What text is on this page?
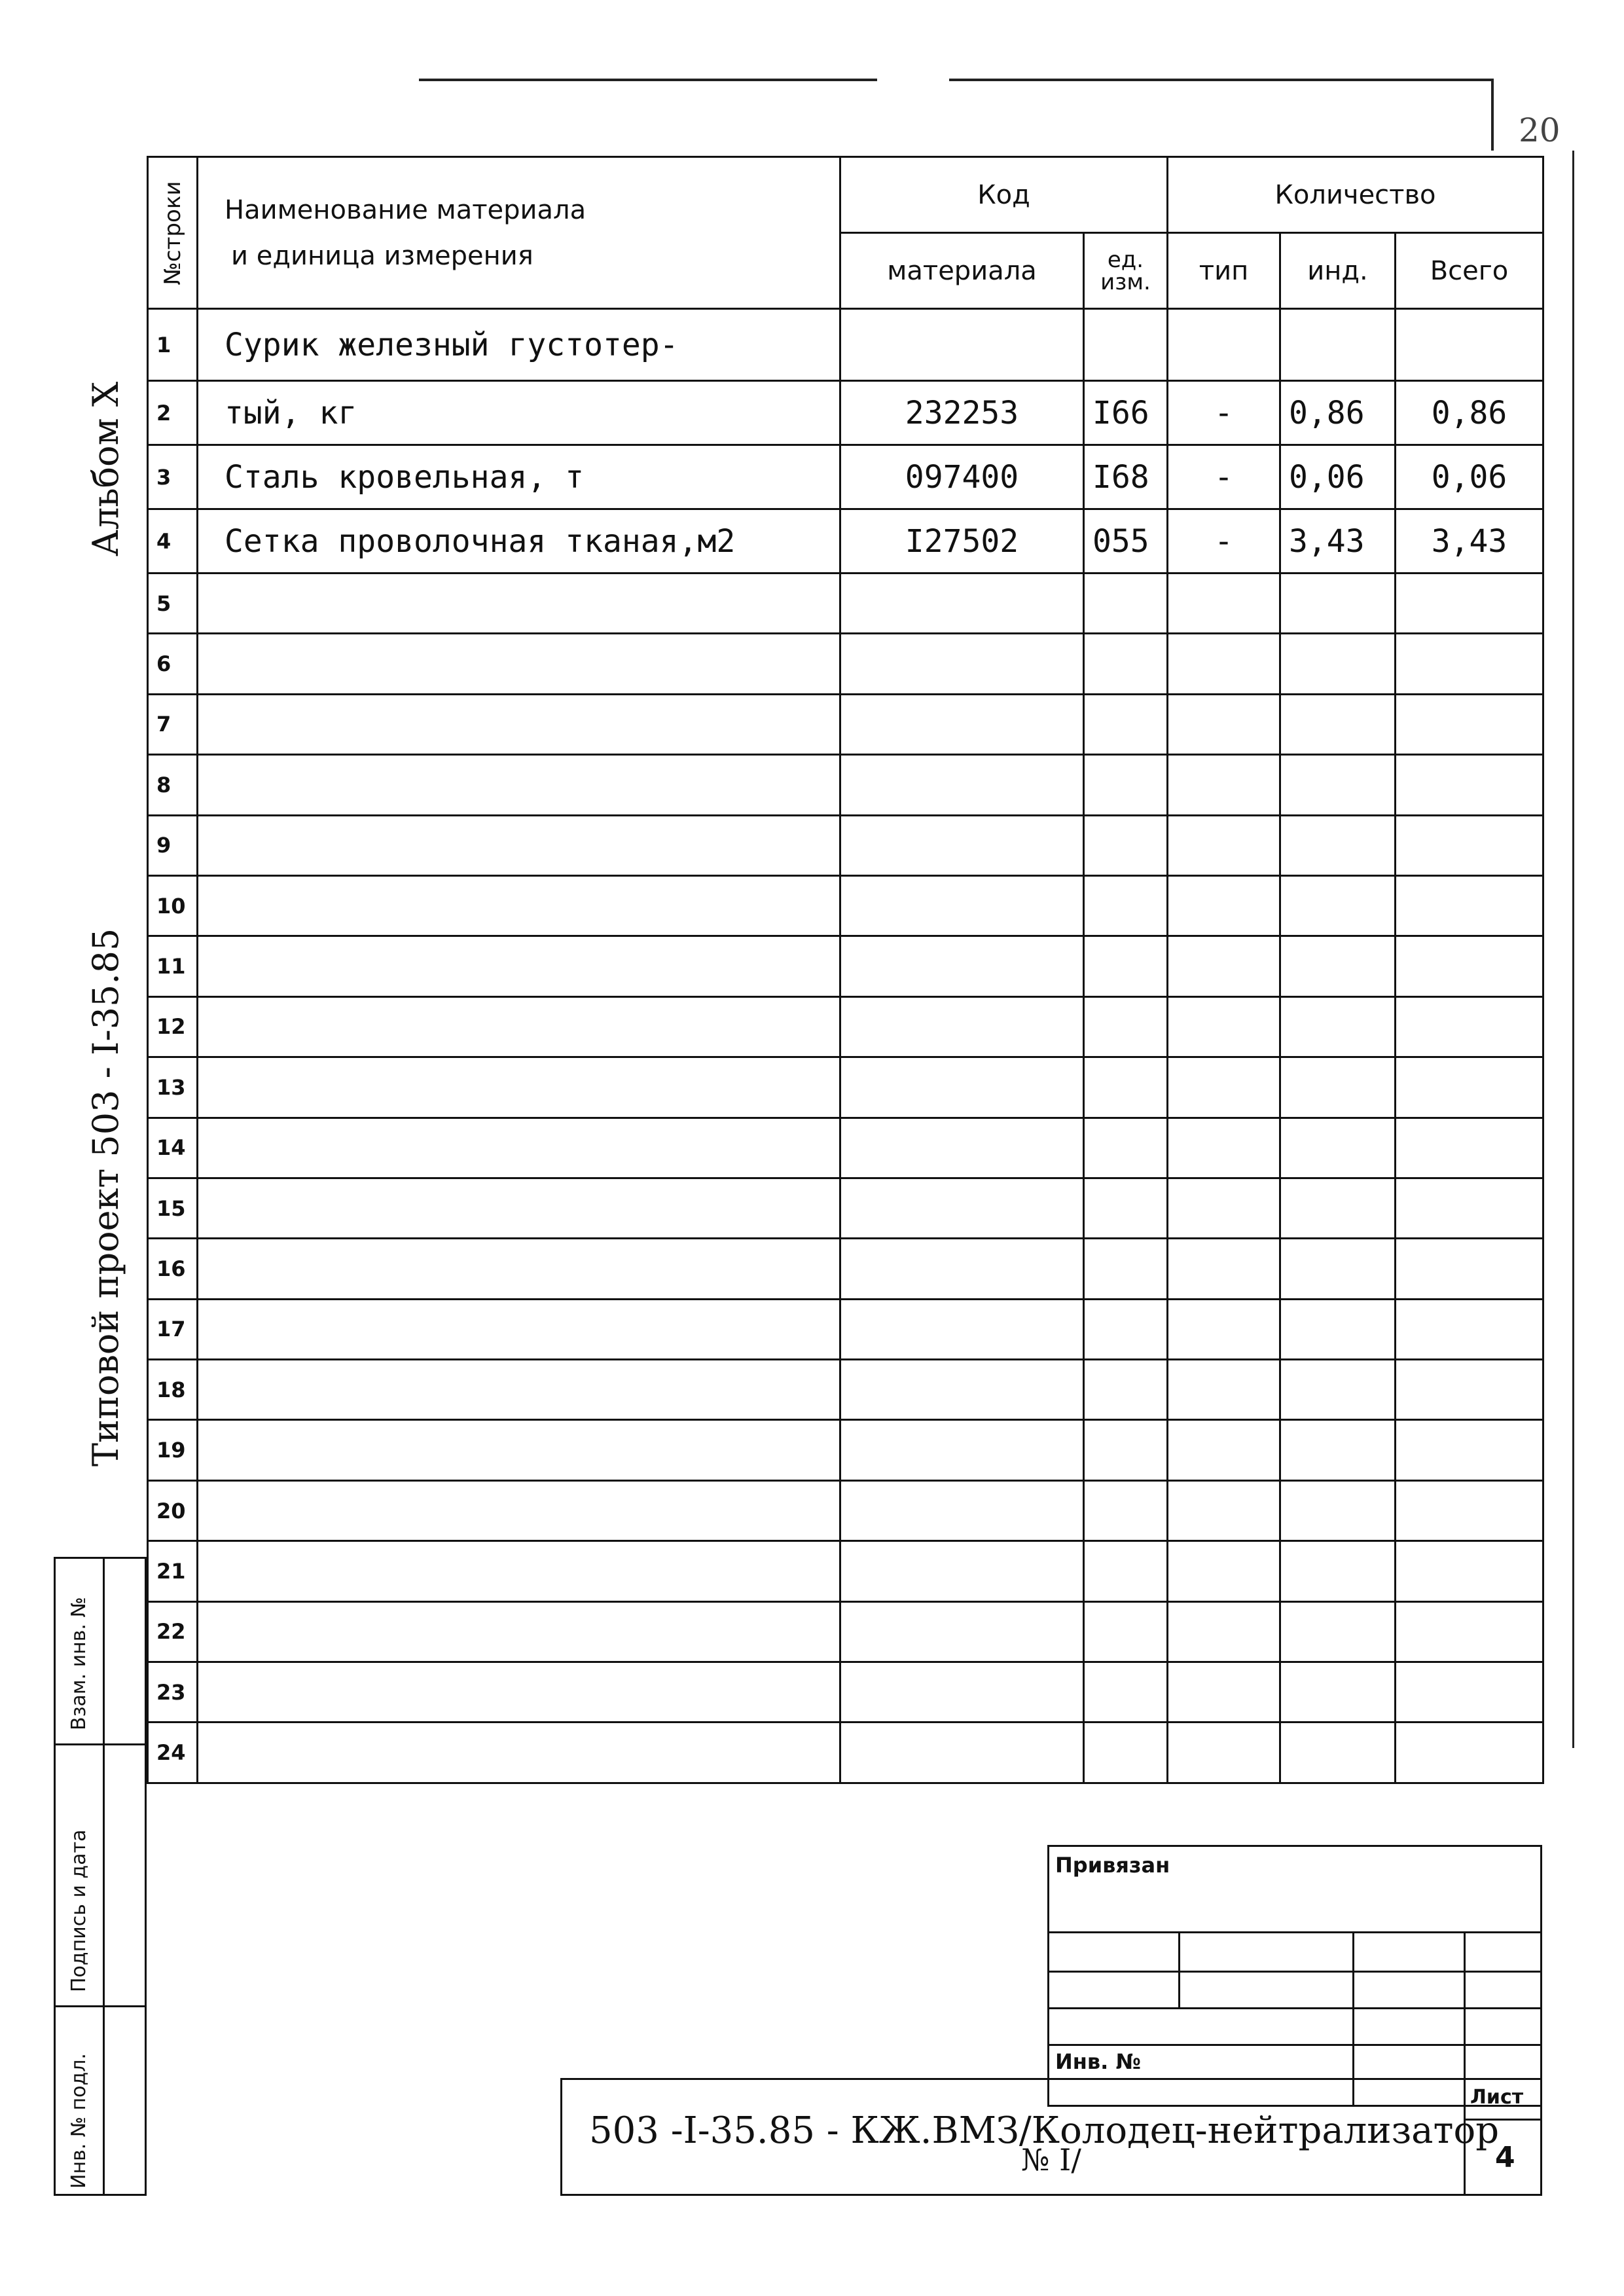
20
Альбом X
Типовой проект 503 - I-35.85
№строки	Наименование материала
и единица измерения	Код		Количество		
		материала	ед. изм.	тип	инд.	Всего
1	Сурик железный густотер-					
2	тый, кг	232253	I66	-	0,86	0,86
3	Сталь кровельная, т	097400	I68	-	0,06	0,06
4	Сетка проволочная тканая,м2	I27502	055	-	3,43	3,43
5						
6						
7						
8						
9						
10						
11						
12						
13						
14						
15						
16						
17						
18						
19						
20						
21						
22						
23						
24						
Взам. инв. №
Подпись и дата
Инв. № подл.
Привязан
Инв. №
503 -I-35.85 - КЖ.ВМЗ/Колодец-нейтрализатор
№ I/
Лист
4
